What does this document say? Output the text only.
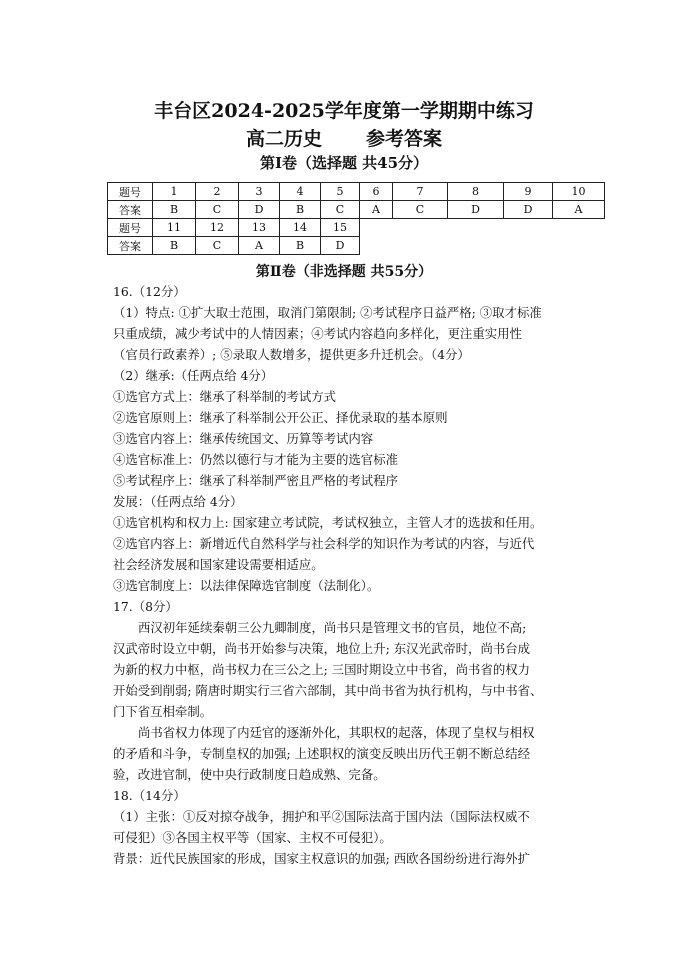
丰台区2024-2025学年度第一学期期中练习
高二历史 参考答案
第Ⅰ卷（选择题 共45分）
题号	1	2	3	4	5	6	7	8	9	10
答案	B	C	D	B	C	A	C	D	D	A
题号	11	12	13	14	15					
答案	B	C	A	B	D					
第Ⅱ卷（非选择题 共55分）
16.（12分）
（1）特点: ①扩大取士范围，取消门第限制; ②考试程序日益严格; ③取才标准
只重成绩，减少考试中的人情因素；④考试内容趋向多样化，更注重实用性
（官员行政素养）; ⑤录取人数增多，提供更多升迁机会。（4分）
（2）继承:（任两点给 4分）
①选官方式上：继承了科举制的考试方式
②选官原则上：继承了科举制公开公正、择优录取的基本原则
③选官内容上：继承传统国文、历算等考试内容
④选官标准上：仍然以德行与才能为主要的选官标准
⑤考试程序上：继承了科举制严密且严格的考试程序
发展：（任两点给 4分）
①选官机构和权力上: 国家建立考试院，考试权独立，主管人才的选拔和任用。
②选官内容上：新增近代自然科学与社会科学的知识作为考试的内容，与近代
社会经济发展和国家建设需要相适应。
③选官制度上：以法律保障选官制度（法制化）。
17.（8分）
西汉初年延续秦朝三公九卿制度，尚书只是管理文书的官员，地位不高;
汉武帝时设立中朝，尚书开始参与决策，地位上升; 东汉光武帝时，尚书台成
为新的权力中枢，尚书权力在三公之上; 三国时期设立中书省，尚书省的权力
开始受到削弱; 隋唐时期实行三省六部制，其中尚书省为执行机构，与中书省、
门下省互相牵制。
尚书省权力体现了内廷官的逐渐外化，其职权的起落，体现了皇权与相权
的矛盾和斗争，专制皇权的加强; 上述职权的演变反映出历代王朝不断总结经
验，改进官制，使中央行政制度日趋成熟、完备。
18.（14分）
（1）主张：①反对掠夺战争，拥护和平②国际法高于国内法（国际法权威不
可侵犯）③各国主权平等（国家、主权不可侵犯）。
背景：近代民族国家的形成，国家主权意识的加强; 西欧各国纷纷进行海外扩
